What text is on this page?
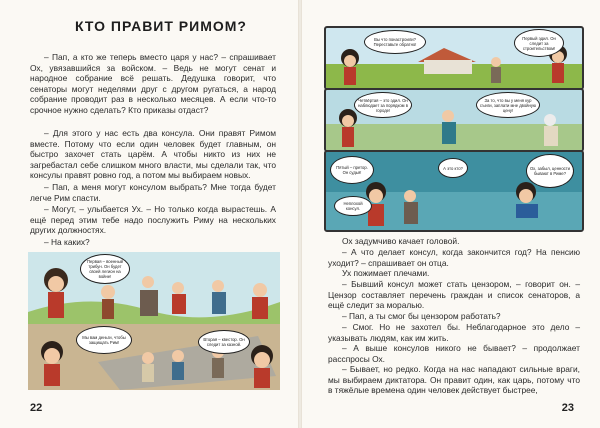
КТО ПРАВИТ РИМОМ?

– Пап, а кто же теперь вместо царя у нас? – спрашивает Ох, увязавшийся за войском. – Ведь не могут сенат и народное собрание всё решать. Дедушка говорит, что сенаторы могут неделями друг с другом ругаться, а народ собрание проводит раз в несколько месяцев. А если что-то срочное нужно сделать? Кто приказы отдаст?

– Для этого у нас есть два консула. Они правят Римом вместе. Потому что если один человек будет главным, он быстро захочет стать царём. А чтобы никто из них не загребастал себе слишком много власти, мы сделали так, что консулы правят ровно год, а потом мы выбираем новых.

– Пап, а меня могут консулом выбрать? Мне тогда будет легче Рим спасти.

– Могут, – улыбается Ух. – Но только когда вырастешь. А ещё перед этим тебе надо послужить Риму на нескольких других должностях.

– На каких?

Первая – военный трибун. Он будет своей легион на войне!
Мы вам деньги, чтобы защищать Рим!
Вторая – квестор. Он следит за казной.
22
Вы что понастроили? Переставьте обратно!
Первый эдил. Он следит за строительством!
Четвёртая – это эдил. Он наблюдает за порядком в городе!
За то, что вы у меня кур съели, заплати мне двойную цену!
Пятый – претор. Он судья!
А это кто?	Ох, забыл, ценности бывают в Риме?
Неплохой консул.

Ох задумчиво качает головой.

– А что делает консул, когда закончится год? На пенсию уходит? – спрашивает он отца.

Ух пожимает плечами.

– Бывший консул может стать цензором, – говорит он. – Цензор составляет перечень граждан и список сенаторов, а ещё следит за моралью.

– Пап, а ты смог бы цензором работать?

– Смог. Но не захотел бы. Неблагодарное это дело – указывать людям, как им жить.

– А выше консулов никого не бывает? – продолжает расспросы Ох.

– Бывает, но редко. Когда на нас нападают сильные враги, мы выбираем диктатора. Он правит один, как царь, потому что в тяжёлые времена один человек действует быстрее,

23
